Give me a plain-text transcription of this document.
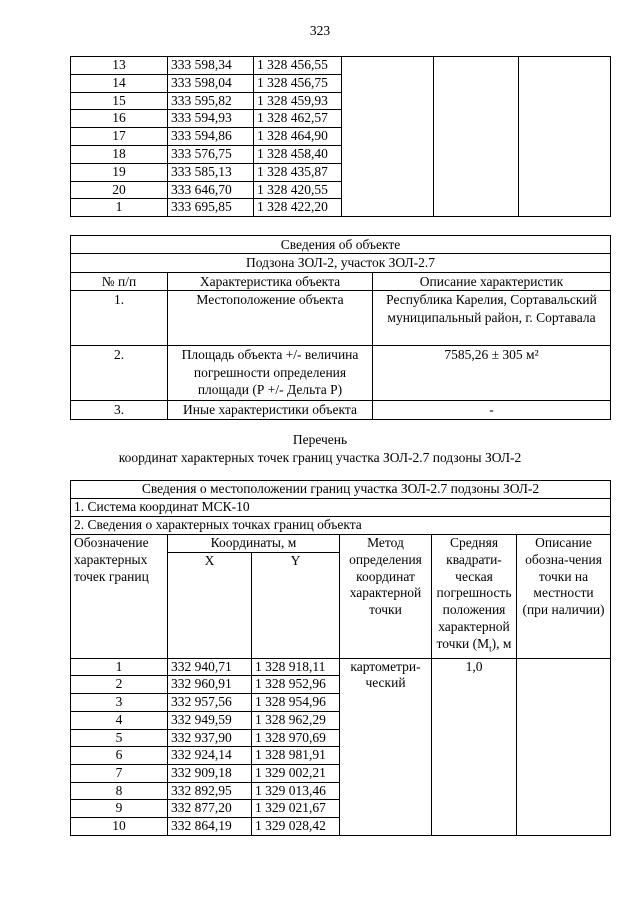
323
13	333 598,34	1 328 456,55			
14	333 598,04	1 328 456,75			
15	333 595,82	1 328 459,93			
16	333 594,93	1 328 462,57			
17	333 594,86	1 328 464,90			
18	333 576,75	1 328 458,40			
19	333 585,13	1 328 435,87			
20	333 646,70	1 328 420,55			
1	333 695,85	1 328 422,20			
Сведения об объекте		
Подзона ЗОЛ-2, участок ЗОЛ-2.7		
№ п/п	Характеристика объекта	Описание характеристик
1.	Местоположение объекта	Республика Карелия, Сортавальский муниципальный район, г. Сортавала
2.	Площадь объекта +/- величина погрешности определения площади (Р +/- Дельта Р)	7585,26 ± 305 м²
3.	Иные характеристики объекта	-
Перечень
координат характерных точек границ участка ЗОЛ-2.7 подзоны ЗОЛ-2
Сведения о местоположении границ участка ЗОЛ-2.7 подзоны ЗОЛ-2					
1. Система координат МСК-10					
2. Сведения о характерных точках границ объекта					
Обозначение характерных точек границ	Координаты, м		Метод определения координат характерной точки	Средняя квадрати-ческая погрешность положения характерной точки $(M_t)$, м	Описание обозна-чения точки на местности (при наличии)
	X	Y			
1	332 940,71	1 328 918,11	картометри-ческий	1,0	
2	332 960,91	1 328 952,96			
3	332 957,56	1 328 954,96			
4	332 949,59	1 328 962,29			
5	332 937,90	1 328 970,69			
6	332 924,14	1 328 981,91			
7	332 909,18	1 329 002,21			
8	332 892,95	1 329 013,46			
9	332 877,20	1 329 021,67			
10	332 864,19	1 329 028,42			
